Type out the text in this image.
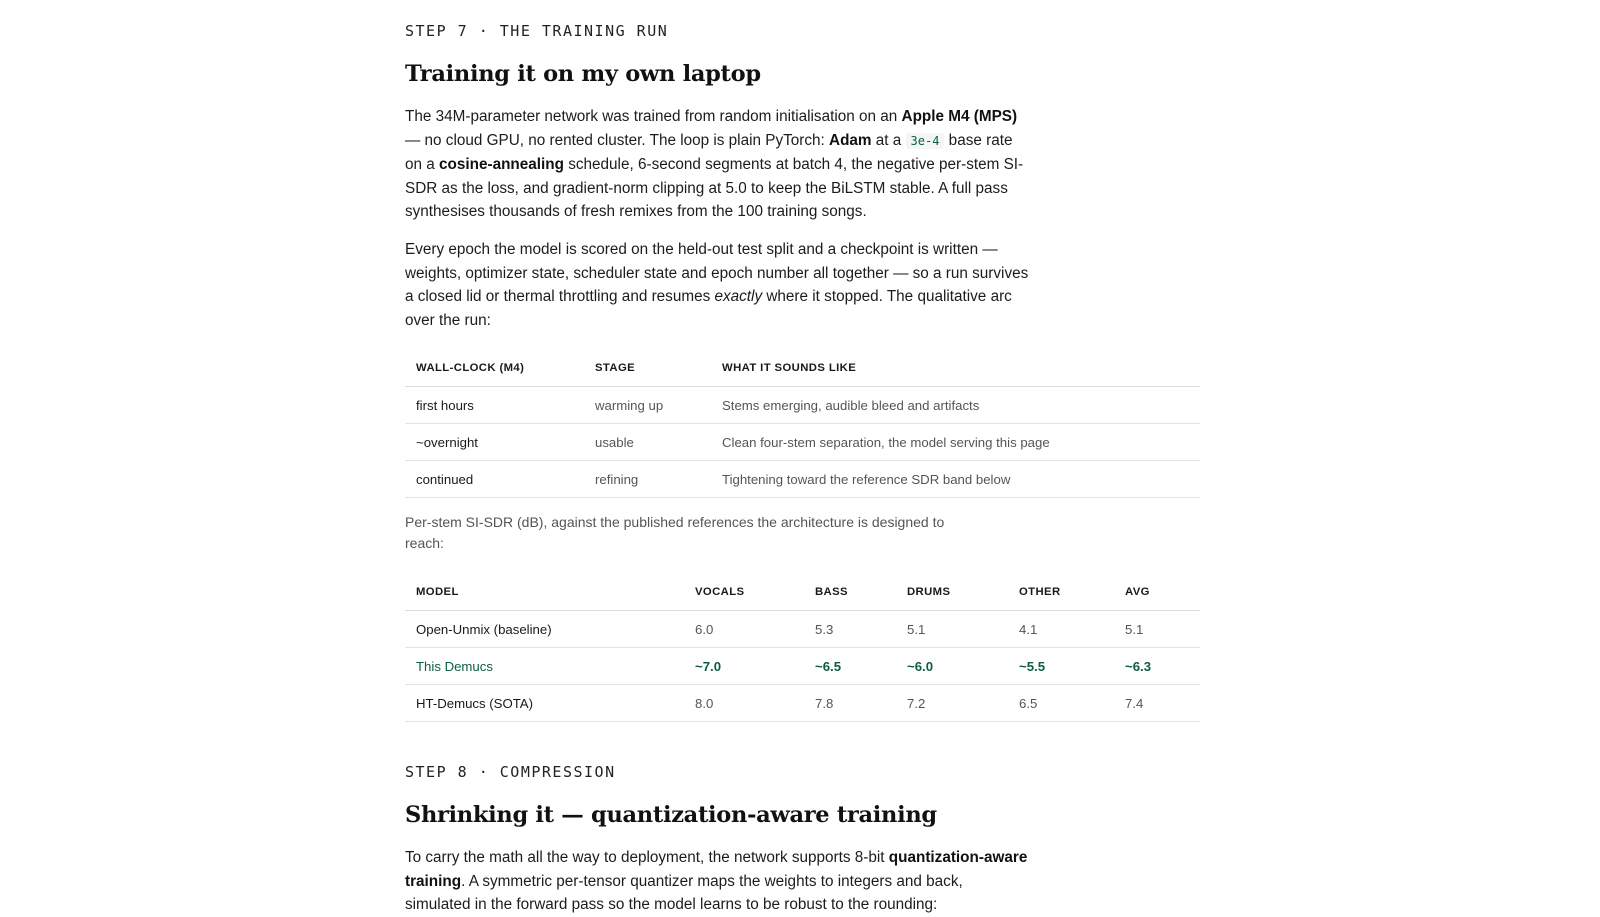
STEP 7 · THE TRAINING RUN

Training it on my own laptop

The 34M-parameter network was trained from random initialisation on an Apple M4 (MPS) — no cloud GPU, no rented cluster. The loop is plain PyTorch: Adam at a 3e-4 base rate on a cosine-annealing schedule, 6-second segments at batch 4, the negative per-stem SI-SDR as the loss, and gradient-norm clipping at 5.0 to keep the BiLSTM stable. A full pass synthesises thousands of fresh remixes from the 100 training songs.

Every epoch the model is scored on the held-out test split and a checkpoint is written — weights, optimizer state, scheduler state and epoch number all together — so a run survives a closed lid or thermal throttling and resumes exactly where it stopped. The qualitative arc over the run:

WALL-CLOCK (M4)	STAGE	WHAT IT SOUNDS LIKE
first hours	warming up	Stems emerging, audible bleed and artifacts
~overnight	usable	Clean four-stem separation, the model serving this page
continued	refining	Tightening toward the reference SDR band below

Per-stem SI-SDR (dB), against the published references the architecture is designed to reach:

MODEL	VOCALS	BASS	DRUMS	OTHER	AVG
Open-Unmix (baseline)	6.0	5.3	5.1	4.1	5.1
This Demucs	~7.0	~6.5	~6.0	~5.5	~6.3
HT-Demucs (SOTA)	8.0	7.8	7.2	6.5	7.4

STEP 8 · COMPRESSION

Shrinking it — quantization-aware training

To carry the math all the way to deployment, the network supports 8-bit quantization-aware training. A symmetric per-tensor quantizer maps the weights to integers and back, simulated in the forward pass so the model learns to be robust to the rounding:
